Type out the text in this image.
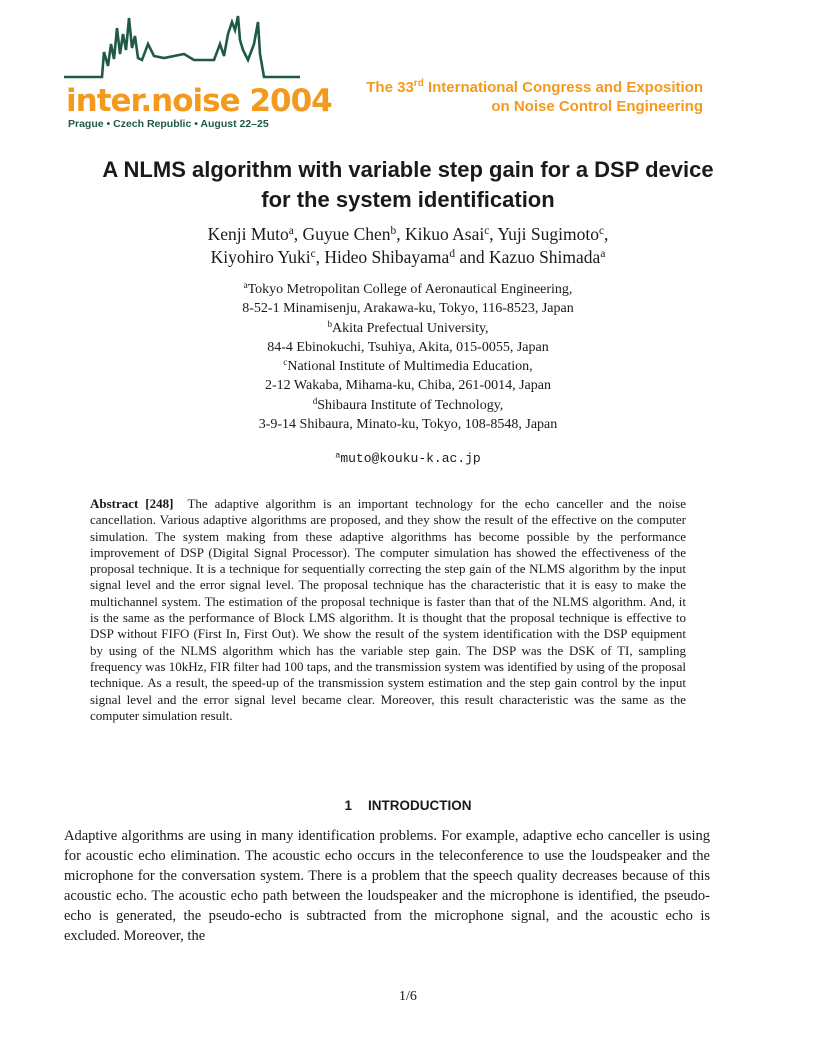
inter.noise 2004
Prague • Czech Republic • August 22–25
The 33rd International Congress and Exposition
on Noise Control Engineering
A NLMS algorithm with variable step gain for a DSP device
for the system identification
Kenji Muto$^a$, Guyue Chen$^b$, Kikuo Asai$^c$, Yuji Sugimoto$^c$,
Kiyohiro Yuki$^c$, Hideo Shibayama$^d$ and Kazuo Shimada$^a$
$^a$Tokyo Metropolitan College of Aeronautical Engineering,
8-52-1 Minamisenju, Arakawa-ku, Tokyo, 116-8523, Japan
$^b$Akita Prefectual University,
84-4 Ebinokuchi, Tsuhiya, Akita, 015-0055, Japan
$^c$National Institute of Multimedia Education,
2-12 Wakaba, Mihama-ku, Chiba, 261-0014, Japan
$^d$Shibaura Institute of Technology,
3-9-14 Shibaura, Minato-ku, Tokyo, 108-8548, Japan
$^a$muto@kouku-k.ac.jp
Abstract [248] The adaptive algorithm is an important technology for the echo canceller and the noise cancellation. Various adaptive algorithms are proposed, and they show the result of the effective on the computer simulation. The system making from these adaptive algorithms has become possible by the performance improvement of DSP (Digital Signal Processor). The computer simulation has showed the effectiveness of the proposal technique. It is a technique for sequentially correcting the step gain of the NLMS algorithm by the input signal level and the error signal level. The proposal technique has the characteristic that it is easy to make the multichannel system. The estimation of the proposal technique is faster than that of the NLMS algorithm. And, it is the same as the performance of Block LMS algorithm. It is thought that the proposal technique is effective to DSP without FIFO (First In, First Out). We show the result of the system identification with the DSP equipment by using of the NLMS algorithm which has the variable step gain. The DSP was the DSK of TI, sampling frequency was 10kHz, FIR filter had 100 taps, and the transmission system was identified by using of the proposal technique. As a result, the speed-up of the transmission system estimation and the step gain control by the input signal level and the error signal level became clear. Moreover, this result characteristic was the same as the computer simulation result.
1 INTRODUCTION
Adaptive algorithms are using in many identification problems. For example, adaptive echo canceller is using for acoustic echo elimination. The acoustic echo occurs in the teleconference to use the loudspeaker and the microphone for the conversation system. There is a problem that the speech quality decreases because of this acoustic echo. The acoustic echo path between the loudspeaker and the microphone is identified, the pseudo-echo is generated, the pseudo-echo is subtracted from the microphone signal, and the acoustic echo is excluded. Moreover, the
1/6
